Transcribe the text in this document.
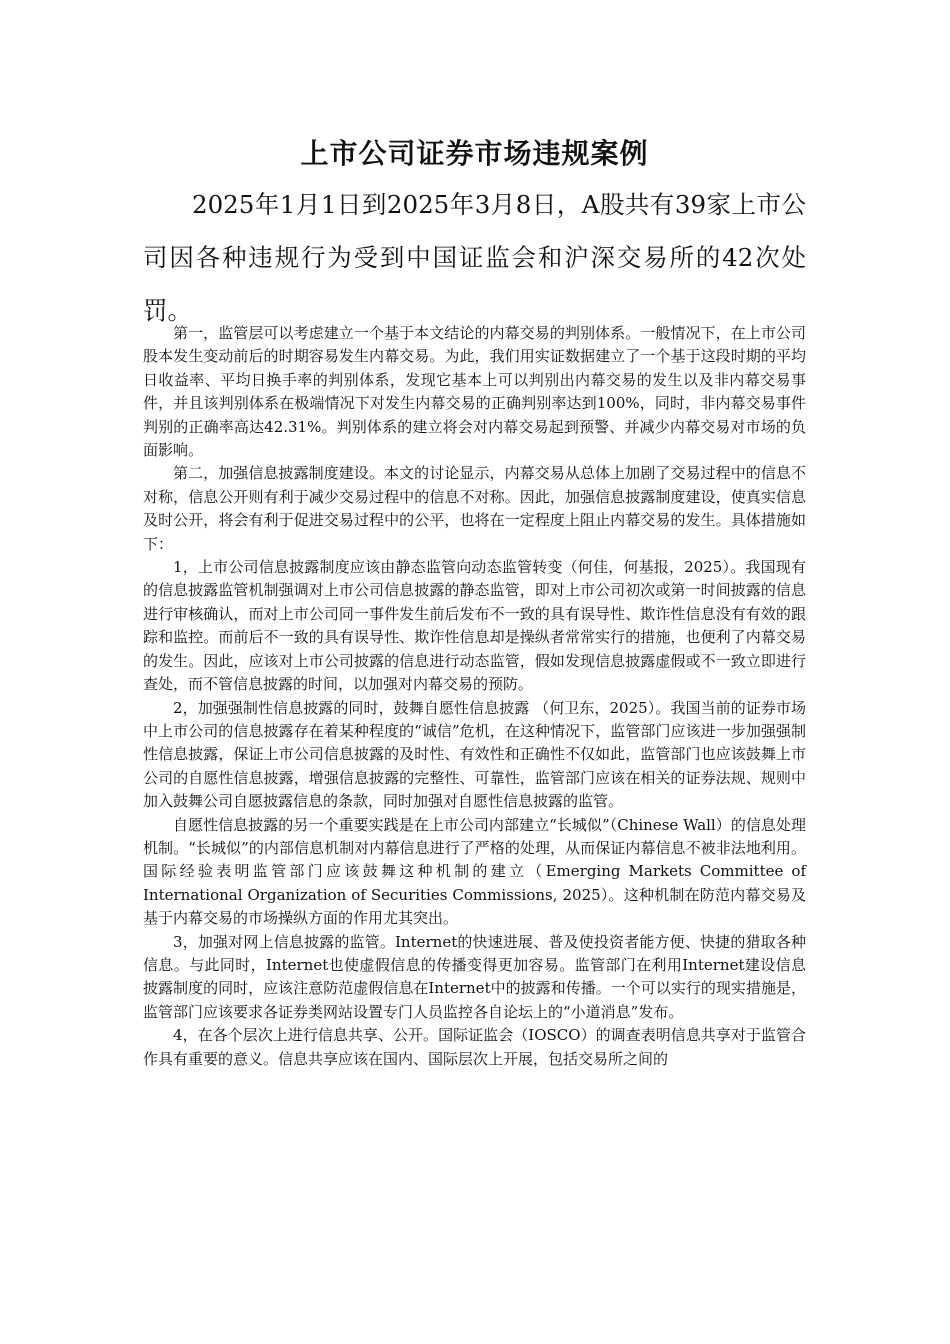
上市公司证券市场违规案例

2025年1月1日到2025年3月8日，A股共有39家上市公司因各种违规行为受到中国证监会和沪深交易所的42次处罚。

第一，监管层可以考虑建立一个基于本文结论的内幕交易的判别体系。一般情况下，在上市公司股本发生变动前后的时期容易发生内幕交易。为此，我们用实证数据建立了一个基于这段时期的平均日收益率、平均日换手率的判别体系，发现它基本上可以判别出内幕交易的发生以及非内幕交易事件，并且该判别体系在极端情况下对发生内幕交易的正确判别率达到100%，同时，非内幕交易事件判别的正确率高达42.31%。判别体系的建立将会对内幕交易起到预警、并减少内幕交易对市场的负面影响。

第二，加强信息披露制度建设。本文的讨论显示，内幕交易从总体上加剧了交易过程中的信息不对称，信息公开则有利于减少交易过程中的信息不对称。因此，加强信息披露制度建设，使真实信息及时公开，将会有利于促进交易过程中的公平，也将在一定程度上阻止内幕交易的发生。具体措施如下：

1，上市公司信息披露制度应该由静态监管向动态监管转变（何佳，何基报，2025）。我国现有的信息披露监管机制强调对上市公司信息披露的静态监管，即对上市公司初次或第一时间披露的信息进行审核确认，而对上市公司同一事件发生前后发布不一致的具有误导性、欺诈性信息没有有效的跟踪和监控。而前后不一致的具有误导性、欺诈性信息却是操纵者常常实行的措施，也便利了内幕交易的发生。因此，应该对上市公司披露的信息进行动态监管，假如发现信息披露虚假或不一致立即进行查处，而不管信息披露的时间，以加强对内幕交易的预防。

2，加强强制性信息披露的同时，鼓舞自愿性信息披露 （何卫东，2025）。我国当前的证券市场中上市公司的信息披露存在着某种程度的“诚信”危机，在这种情况下，监管部门应该进一步加强强制性信息披露，保证上市公司信息披露的及时性、有效性和正确性不仅如此，监管部门也应该鼓舞上市公司的自愿性信息披露，增强信息披露的完整性、可靠性，监管部门应该在相关的证券法规、规则中加入鼓舞公司自愿披露信息的条款，同时加强对自愿性信息披露的监管。

自愿性信息披露的另一个重要实践是在上市公司内部建立“长城似”（Chinese Wall）的信息处理机制。“长城似”的内部信息机制对内幕信息进行了严格的处理，从而保证内幕信息不被非法地利用。国际经验表明监管部门应该鼓舞这种机制的建立（Emerging Markets Committee of International Organization of Securities Commissions, 2025）。这种机制在防范内幕交易及基于内幕交易的市场操纵方面的作用尤其突出。

3，加强对网上信息披露的监管。Internet的快速进展、普及使投资者能方便、快捷的猎取各种信息。与此同时，Internet也使虚假信息的传播变得更加容易。监管部门在利用Internet建设信息披露制度的同时，应该注意防范虚假信息在Internet中的披露和传播。一个可以实行的现实措施是，监管部门应该要求各证券类网站设置专门人员监控各自论坛上的“小道消息”发布。

4，在各个层次上进行信息共享、公开。国际证监会（IOSCO）的调查表明信息共享对于监管合作具有重要的意义。信息共享应该在国内、国际层次上开展，包括交易所之间的
